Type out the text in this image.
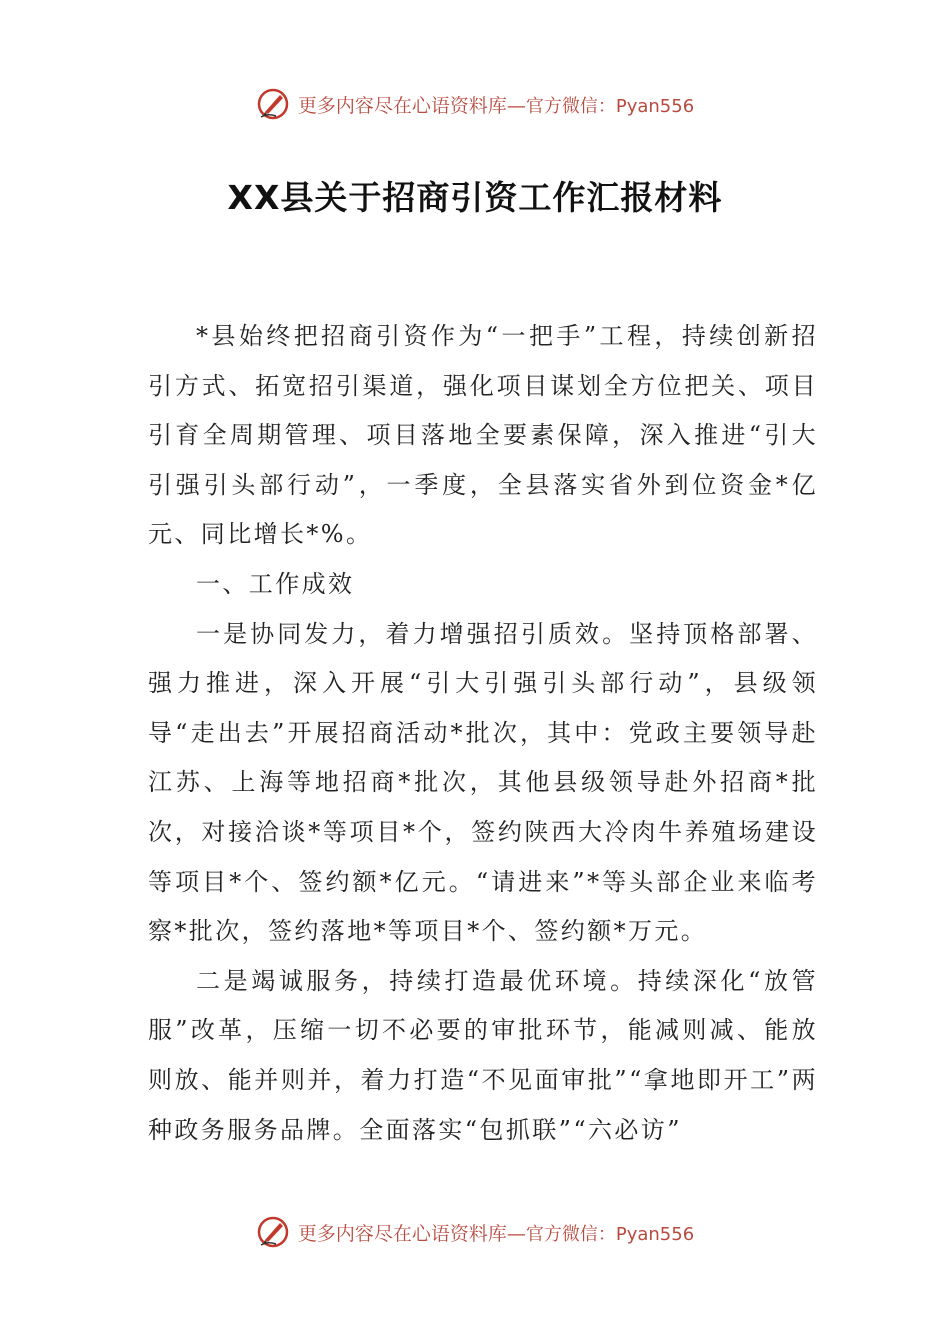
更多内容尽在心语资料库—官方微信：Pyan556
XX县关于招商引资工作汇报材料

*县始终把招商引资作为“一把手”工程，持续创新招引方式、拓宽招引渠道，强化项目谋划全方位把关、项目引育全周期管理、项目落地全要素保障，深入推进“引大引强引头部行动”，一季度，全县落实省外到位资金*亿元、同比增长*%。

一、工作成效

一是协同发力，着力增强招引质效。坚持顶格部署、强力推进，深入开展“引大引强引头部行动”，县级领导“走出去”开展招商活动*批次，其中：党政主要领导赴江苏、上海等地招商*批次，其他县级领导赴外招商*批次，对接洽谈*等项目*个，签约陕西大冷肉牛养殖场建设等项目*个、签约额*亿元。“请进来”*等头部企业来临考察*批次，签约落地*等项目*个、签约额*万元。

二是竭诚服务，持续打造最优环境。持续深化“放管服”改革，压缩一切不必要的审批环节，能减则减、能放则放、能并则并，着力打造“不见面审批”“拿地即开工”两种政务服务品牌。全面落实“包抓联”“六必访”

更多内容尽在心语资料库—官方微信：Pyan556
